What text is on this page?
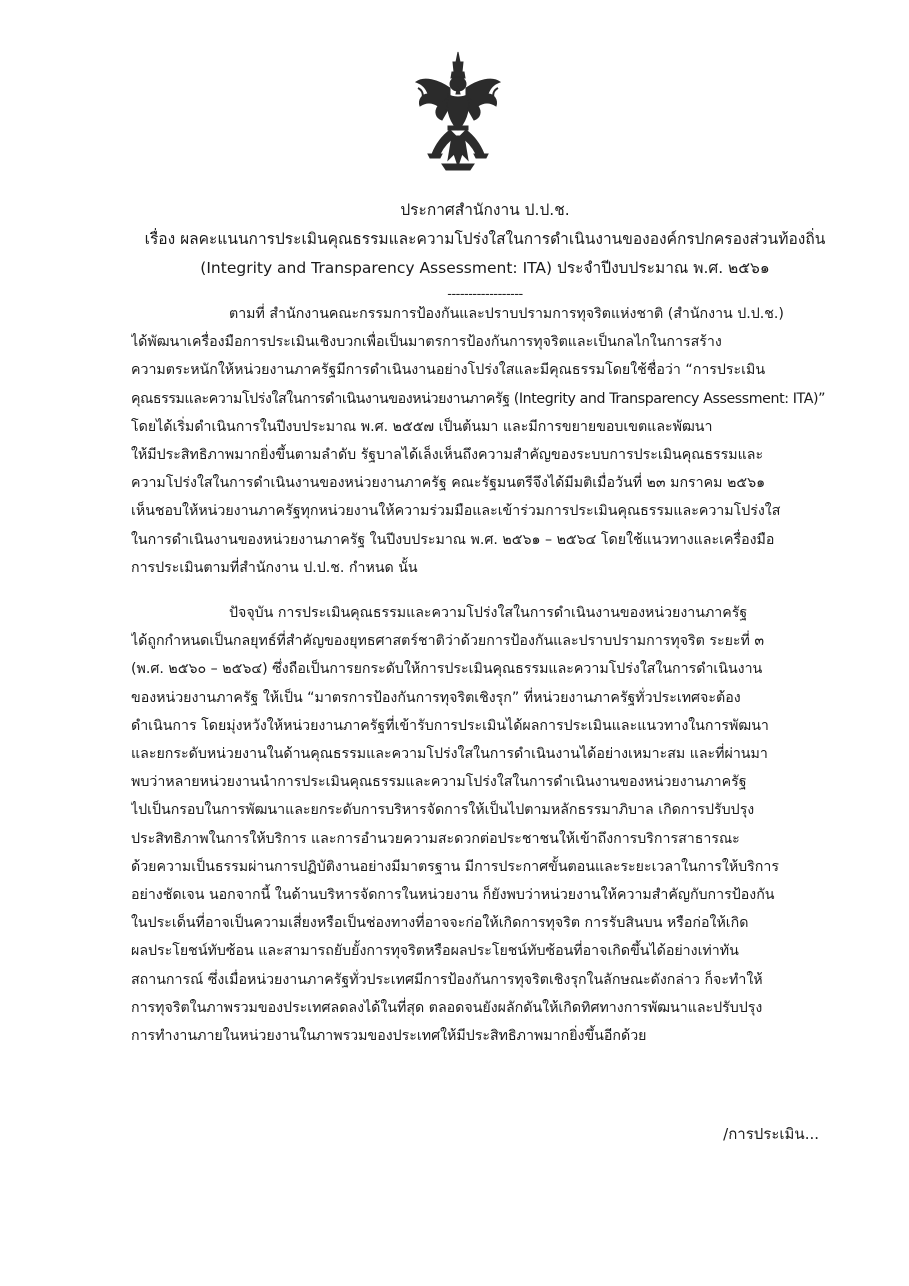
ประกาศสำนักงาน ป.ป.ช.
เรื่อง ผลคะแนนการประเมินคุณธรรมและความโปร่งใสในการดำเนินงานขององค์กรปกครองส่วนท้องถิ่น
(Integrity and Transparency Assessment: ITA) ประจำปีงบประมาณ พ.ศ. ๒๕๖๑
------------------
ตามที่ สำนักงานคณะกรรมการป้องกันและปราบปรามการทุจริตแห่งชาติ (สำนักงาน ป.ป.ช.)
ได้พัฒนาเครื่องมือการประเมินเชิงบวกเพื่อเป็นมาตรการป้องกันการทุจริตและเป็นกลไกในการสร้าง
ความตระหนักให้หน่วยงานภาครัฐมีการดำเนินงานอย่างโปร่งใสและมีคุณธรรมโดยใช้ชื่อว่า “การประเมิน
คุณธรรมและความโปร่งใสในการดำเนินงานของหน่วยงานภาครัฐ (Integrity and Transparency Assessment: ITA)”
โดยได้เริ่มดำเนินการในปีงบประมาณ พ.ศ. ๒๕๕๗ เป็นต้นมา และมีการขยายขอบเขตและพัฒนา
ให้มีประสิทธิภาพมากยิ่งขึ้นตามลำดับ รัฐบาลได้เล็งเห็นถึงความสำคัญของระบบการประเมินคุณธรรมและ
ความโปร่งใสในการดำเนินงานของหน่วยงานภาครัฐ คณะรัฐมนตรีจึงได้มีมติเมื่อวันที่ ๒๓ มกราคม ๒๕๖๑
เห็นชอบให้หน่วยงานภาครัฐทุกหน่วยงานให้ความร่วมมือและเข้าร่วมการประเมินคุณธรรมและความโปร่งใส
ในการดำเนินงานของหน่วยงานภาครัฐ ในปีงบประมาณ พ.ศ. ๒๕๖๑ – ๒๕๖๔ โดยใช้แนวทางและเครื่องมือ
การประเมินตามที่สำนักงาน ป.ป.ช. กำหนด นั้น
ปัจจุบัน การประเมินคุณธรรมและความโปร่งใสในการดำเนินงานของหน่วยงานภาครัฐ
ได้ถูกกำหนดเป็นกลยุทธ์ที่สำคัญของยุทธศาสตร์ชาติว่าด้วยการป้องกันและปราบปรามการทุจริต ระยะที่ ๓
(พ.ศ. ๒๕๖๐ – ๒๕๖๔) ซึ่งถือเป็นการยกระดับให้การประเมินคุณธรรมและความโปร่งใสในการดำเนินงาน
ของหน่วยงานภาครัฐ ให้เป็น “มาตรการป้องกันการทุจริตเชิงรุก” ที่หน่วยงานภาครัฐทั่วประเทศจะต้อง
ดำเนินการ โดยมุ่งหวังให้หน่วยงานภาครัฐที่เข้ารับการประเมินได้ผลการประเมินและแนวทางในการพัฒนา
และยกระดับหน่วยงานในด้านคุณธรรมและความโปร่งใสในการดำเนินงานได้อย่างเหมาะสม และที่ผ่านมา
พบว่าหลายหน่วยงานนำการประเมินคุณธรรมและความโปร่งใสในการดำเนินงานของหน่วยงานภาครัฐ
ไปเป็นกรอบในการพัฒนาและยกระดับการบริหารจัดการให้เป็นไปตามหลักธรรมาภิบาล เกิดการปรับปรุง
ประสิทธิภาพในการให้บริการ และการอำนวยความสะดวกต่อประชาชนให้เข้าถึงการบริการสาธารณะ
ด้วยความเป็นธรรมผ่านการปฏิบัติงานอย่างมีมาตรฐาน มีการประกาศขั้นตอนและระยะเวลาในการให้บริการ
อย่างชัดเจน นอกจากนี้ ในด้านบริหารจัดการในหน่วยงาน ก็ยังพบว่าหน่วยงานให้ความสำคัญกับการป้องกัน
ในประเด็นที่อาจเป็นความเสี่ยงหรือเป็นช่องทางที่อาจจะก่อให้เกิดการทุจริต การรับสินบน หรือก่อให้เกิด
ผลประโยชน์ทับซ้อน และสามารถยับยั้งการทุจริตหรือผลประโยชน์ทับซ้อนที่อาจเกิดขึ้นได้อย่างเท่าทัน
สถานการณ์ ซึ่งเมื่อหน่วยงานภาครัฐทั่วประเทศมีการป้องกันการทุจริตเชิงรุกในลักษณะดังกล่าว ก็จะทำให้
การทุจริตในภาพรวมของประเทศลดลงได้ในที่สุด ตลอดจนยังผลักดันให้เกิดทิศทางการพัฒนาและปรับปรุง
การทำงานภายในหน่วยงานในภาพรวมของประเทศให้มีประสิทธิภาพมากยิ่งขึ้นอีกด้วย
/การประเมิน...
